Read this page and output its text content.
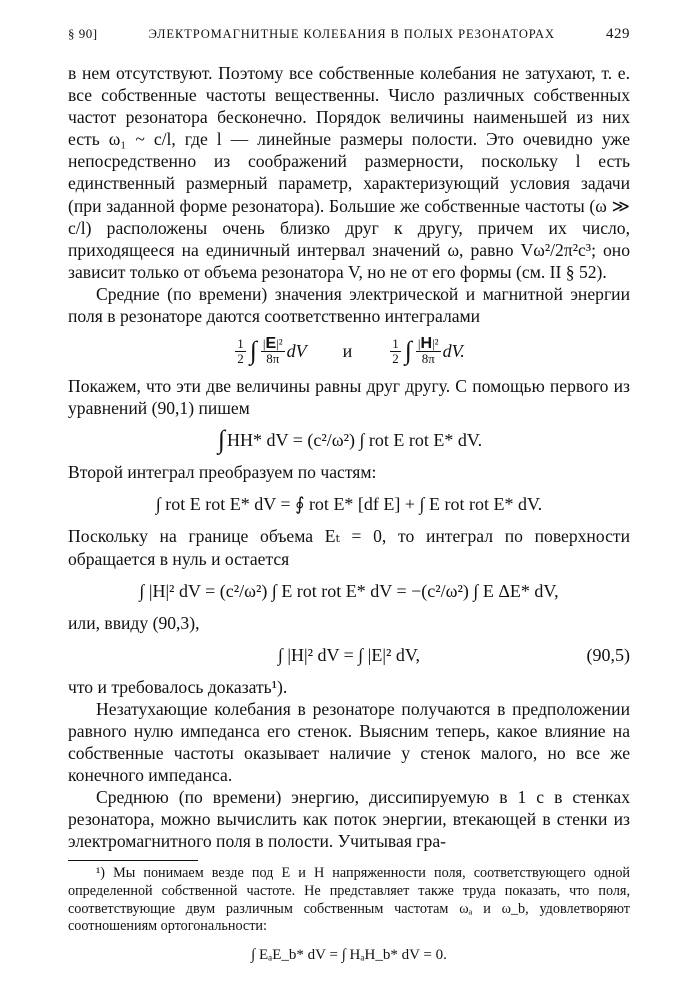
§ 90]	ЭЛЕКТРОМАГНИТНЫЕ КОЛЕБАНИЯ В ПОЛЫХ РЕЗОНАТОРАХ	429

в нем отсутствуют. Поэтому все собственные колебания не затухают, т. е. все собственные частоты вещественны. Число различных собственных частот резонатора бесконечно. Порядок величины наименьшей из них есть ω₁ ~ c/l, где l — линейные размеры полости. Это очевидно уже непосредственно из соображений размерности, поскольку l есть единственный размерный параметр, характеризующий условия задачи (при заданной форме резонатора). Большие же собственные частоты (ω ≫ c/l) расположены очень близко друг к другу, причем их число, приходящееся на единичный интервал значений ω, равно Vω²/2π²c³; оно зависит только от объема резонатора V, но не от его формы (см. II § 52).

Средние (по времени) значения электрической и магнитной энергии поля в резонаторе даются соответственно интегралами

$\frac{1}{2}$ ∫ $\frac{\text{|E|²}}{8\pi}$ dV и	$\frac{1}{2}$ ∫ $\frac{\text{|H|²}}{8\pi}$ dV.

Покажем, что эти две величины равны друг другу. С помощью первого из уравнений (90,1) пишем

∫ HH* dV = (c²/ω²) ∫ rot E rot E* dV.

Второй интеграл преобразуем по частям:

∫ rot E rot E* dV = ∮ rot E* [df E] + ∫ E rot rot E* dV.

Поскольку на границе объема Eₜ = 0, то интеграл по поверхности обращается в нуль и остается

∫ |H|² dV = (c²/ω²) ∫ E rot rot E* dV = −(c²/ω²) ∫ E ΔE* dV,

или, ввиду (90,3),

∫ |H|² dV = ∫ |E|² dV,	(90,5)

что и требовалось доказать¹).

Незатухающие колебания в резонаторе получаются в предположении равного нулю импеданса его стенок. Выясним теперь, какое влияние на собственные частоты оказывает наличие у стенок малого, но все же конечного импеданса.

Среднюю (по времени) энергию, диссипируемую в 1 с в стенках резонатора, можно вычислить как поток энергии, втекающей в стенки из электромагнитного поля в полости. Учитывая гра-

¹) Мы понимаем везде под E и H напряженности поля, соответствующего одной определенной собственной частоте. Не представляет также труда показать, что поля, соответствующие двум различным собственным частотам ωₐ и ω_b, удовлетворяют соотношениям ортогональности:

∫ EₐE_b* dV = ∫ HₐH_b* dV = 0.
